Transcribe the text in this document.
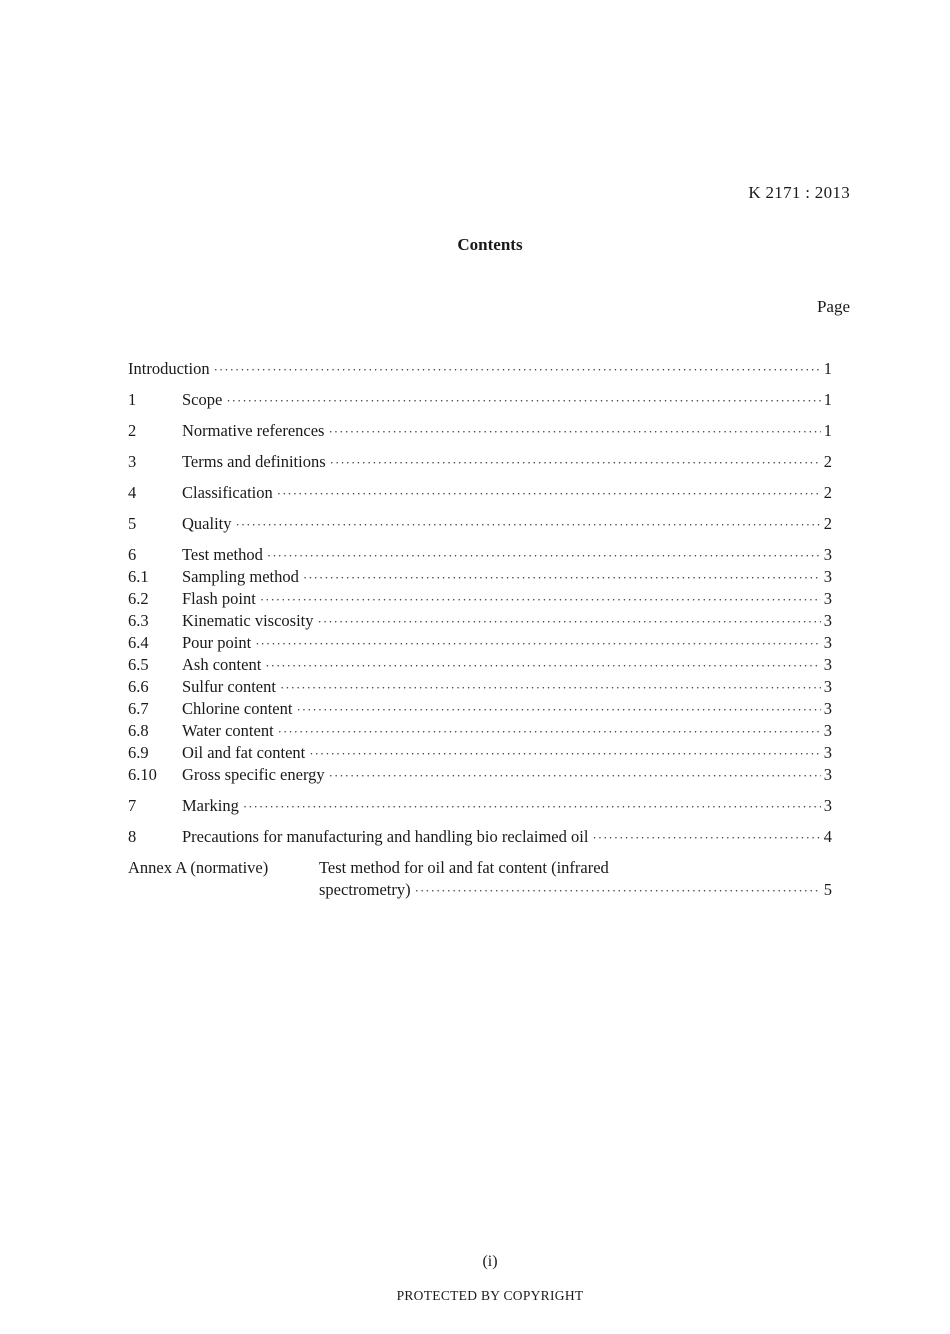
K 2171 : 2013
Contents
Page
Introduction ·····	1
1	Scope ·····	1
2	Normative references ·····	1
3	Terms and definitions ·····	2
4	Classification ·····	2
5	Quality ·····	2
6	Test method ·····	3
6.1	Sampling method ·····	3
6.2	Flash point ·····	3
6.3	Kinematic viscosity ·····	3
6.4	Pour point ·····	3
6.5	Ash content ·····	3
6.6	Sulfur content ·····	3
6.7	Chlorine content ·····	3
6.8	Water content ·····	3
6.9	Oil and fat content ·····	3
6.10	Gross specific energy ·····	3
7	Marking ·····	3
8	Precautions for manufacturing and handling bio reclaimed oil ·····	4
Annex A (normative)	Test method for oil and fat content (infrared
spectrometry) ·····	5
(i)
PROTECTED BY COPYRIGHT
